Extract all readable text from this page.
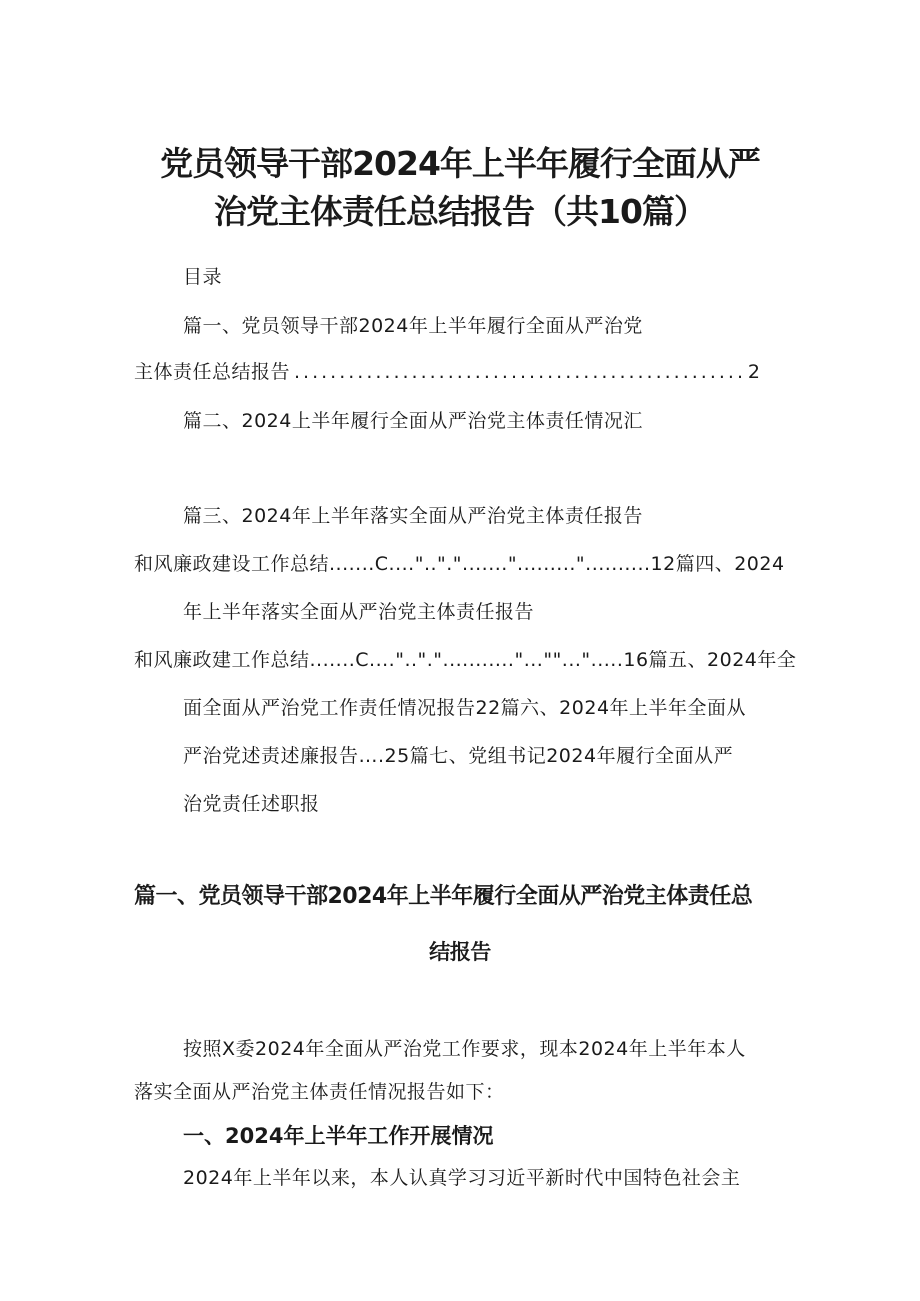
党员领导干部2024年上半年履行全面从严
治党主体责任总结报告（共10篇）
目录
篇一、党员领导干部2024年上半年履行全面从严治党
主体责任总结报告
.....	2
篇二、2024上半年履行全面从严治党主体责任情况汇
篇三、2024年上半年落实全面从严治党主体责任报告
和风廉政建设工作总结.......C....".."."......."........."..........12篇四、2024
年上半年落实全面从严治党主体责任报告
和风廉政建工作总结.......C....".."."..........."...""...".....16篇五、2024年全
面全面从严治党工作责任情况报告22篇六、2024年上半年全面从
严治党述责述廉报告….25篇七、党组书记2024年履行全面从严
治党责任述职报
篇一、党员领导干部2024年上半年履行全面从严治党主体责任总
结报告
按照X委2024年全面从严治党工作要求，现本2024年上半年本人
落实全面从严治党主体责任情况报告如下：
一、2024年上半年工作开展情况
2024年上半年以来，本人认真学习习近平新时代中国特色社会主
